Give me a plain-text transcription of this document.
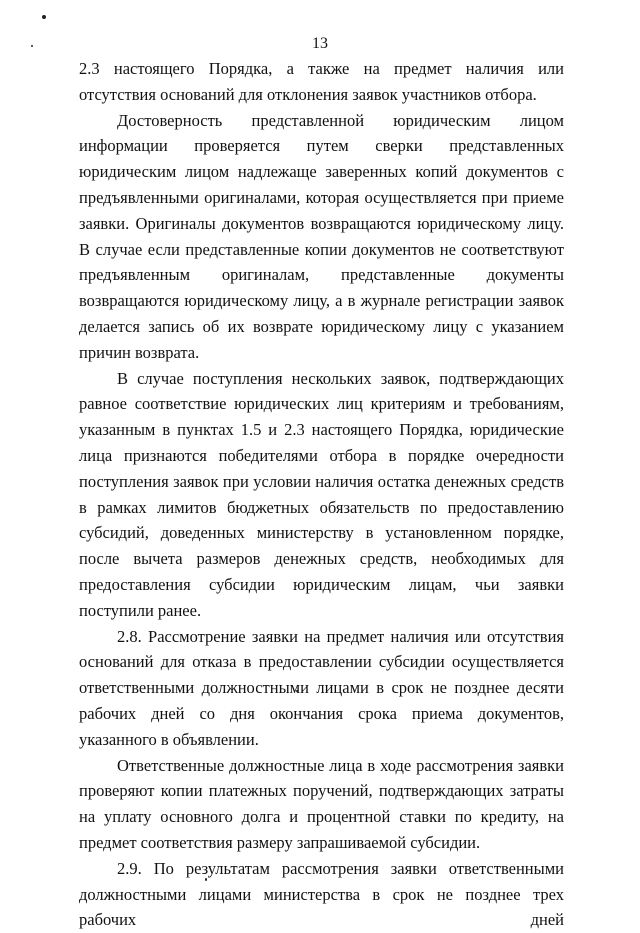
13

2.3 настоящего Порядка, а также на предмет наличия или отсутствия оснований для отклонения заявок участников отбора.

Достоверность представленной юридическим лицом информации проверяется путем сверки представленных юридическим лицом надлежаще заверенных копий документов с предъявленными оригиналами, которая осуществляется при приеме заявки. Оригиналы документов возвращаются юридическому лицу. В случае если представленные копии документов не соответствуют предъявленным оригиналам, представленные документы возвращаются юридическому лицу, а в журнале регистрации заявок делается запись об их возврате юридическому лицу с указанием причин возврата.

В случае поступления нескольких заявок, подтверждающих равное соответствие юридических лиц критериям и требованиям, указанным в пунктах 1.5 и 2.3 настоящего Порядка, юридические лица признаются победителями отбора в порядке очередности поступления заявок при условии наличия остатка денежных средств в рамках лимитов бюджетных обязательств по предоставлению субсидий, доведенных министерству в установленном порядке, после вычета размеров денежных средств, необходимых для предоставления субсидии юридическим лицам, чьи заявки поступили ранее.

2.8. Рассмотрение заявки на предмет наличия или отсутствия оснований для отказа в предоставлении субсидии осуществляется ответственными должностными лицами в срок не позднее десяти рабочих дней со дня окончания срока приема документов, указанного в объявлении.

Ответственные должностные лица в ходе рассмотрения заявки проверяют копии платежных поручений, подтверждающих затраты на уплату основного долга и процентной ставки по кредиту, на предмет соответствия размеру запрашиваемой субсидии.

2.9. По результатам рассмотрения заявки ответственными должностными лицами министерства в срок не позднее трех рабочих дней
